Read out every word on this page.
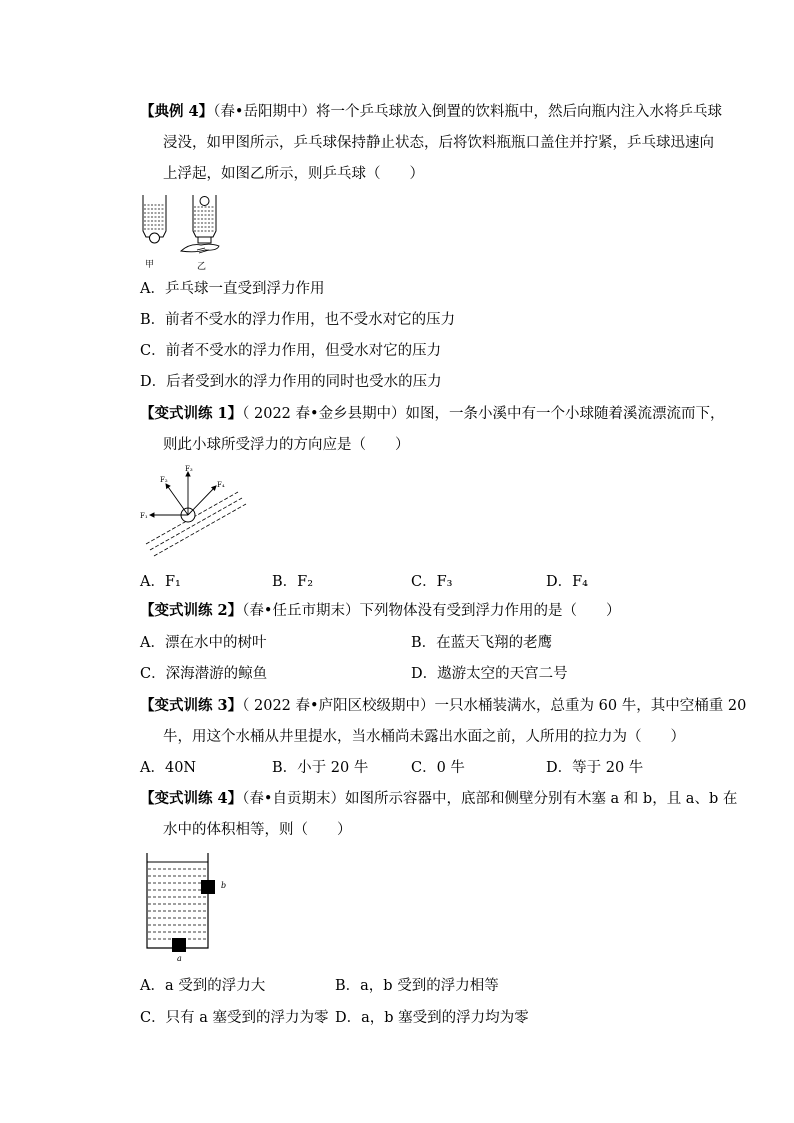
【典例 4】（春•岳阳期中）将一个乒乓球放入倒置的饮料瓶中，然后向瓶内注入水将乒乓球
浸没，如甲图所示，乒乓球保持静止状态，后将饮料瓶瓶口盖住并拧紧，乒乓球迅速向
上浮起，如图乙所示，则乒乓球（　　）
甲	乙
A．乒乓球一直受到浮力作用
B．前者不受水的浮力作用，也不受水对它的压力
C．前者不受水的浮力作用，但受水对它的压力
D．后者受到水的浮力作用的同时也受水的压力
【变式训练 1】（ 2022 春•金乡县期中）如图，一条小溪中有一个小球随着溪流漂流而下，
则此小球所受浮力的方向应是（　　）
F₁
F₂
F₃
F₄
A．F₁	B．F₂	C．F₃	D．F₄
【变式训练 2】（春•任丘市期末）下列物体没有受到浮力作用的是（　　）
A．漂在水中的树叶	B．在蓝天飞翔的老鹰
C．深海潜游的鲸鱼	D．遨游太空的天宫二号
【变式训练 3】（ 2022 春•庐阳区校级期中）一只水桶装满水，总重为 60 牛，其中空桶重 20
牛，用这个水桶从井里提水，当水桶尚未露出水面之前，人所用的拉力为（　　）
A．40N	B．小于 20 牛	C．0 牛	D．等于 20 牛
【变式训练 4】（春•自贡期末）如图所示容器中，底部和侧壁分别有木塞 a 和 b，且 a、b 在
水中的体积相等，则（　　）
a
b
A．a 受到的浮力大	B．a，b 受到的浮力相等
C．只有 a 塞受到的浮力为零 D．a，b 塞受到的浮力均为零
